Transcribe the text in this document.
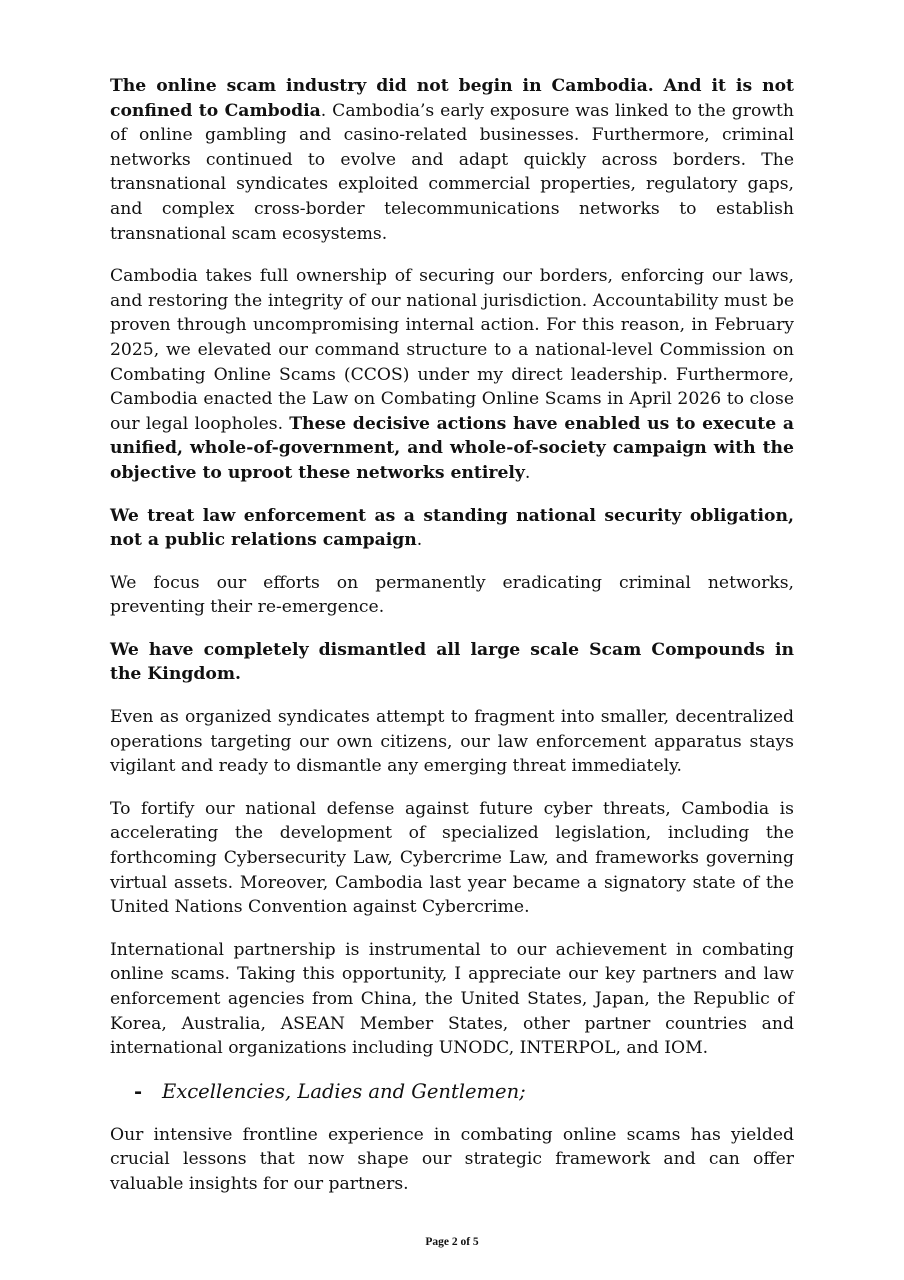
The online scam industry did not begin in Cambodia. And it is not confined to Cambodia. Cambodia’s early exposure was linked to the growth of online gambling and casino-related businesses. Furthermore, criminal networks continued to evolve and adapt quickly across borders. The transnational syndicates exploited commercial properties, regulatory gaps, and complex cross-border telecommunications networks to establish transnational scam ecosystems.

Cambodia takes full ownership of securing our borders, enforcing our laws, and restoring the integrity of our national jurisdiction. Accountability must be proven through uncompromising internal action. For this reason, in February 2025, we elevated our command structure to a national-level Commission on Combating Online Scams (CCOS) under my direct leadership. Furthermore, Cambodia enacted the Law on Combating Online Scams in April 2026 to close our legal loopholes. These decisive actions have enabled us to execute a unified, whole-of-government, and whole-of-society campaign with the objective to uproot these networks entirely.

We treat law enforcement as a standing national security obligation, not a public relations campaign.

We focus our efforts on permanently eradicating criminal networks, preventing their re-emergence.

We have completely dismantled all large scale Scam Compounds in the Kingdom.

Even as organized syndicates attempt to fragment into smaller, decentralized operations targeting our own citizens, our law enforcement apparatus stays vigilant and ready to dismantle any emerging threat immediately.

To fortify our national defense against future cyber threats, Cambodia is accelerating the development of specialized legislation, including the forthcoming Cybersecurity Law, Cybercrime Law, and frameworks governing virtual assets. Moreover, Cambodia last year became a signatory state of the United Nations Convention against Cybercrime.

International partnership is instrumental to our achievement in combating online scams. Taking this opportunity, I appreciate our key partners and law enforcement agencies from China, the United States, Japan, the Republic of Korea, Australia, ASEAN Member States, other partner countries and international organizations including UNODC, INTERPOL, and IOM.

- Excellencies, Ladies and Gentlemen;

Our intensive frontline experience in combating online scams has yielded crucial lessons that now shape our strategic framework and can offer valuable insights for our partners.

Page 2 of 5
